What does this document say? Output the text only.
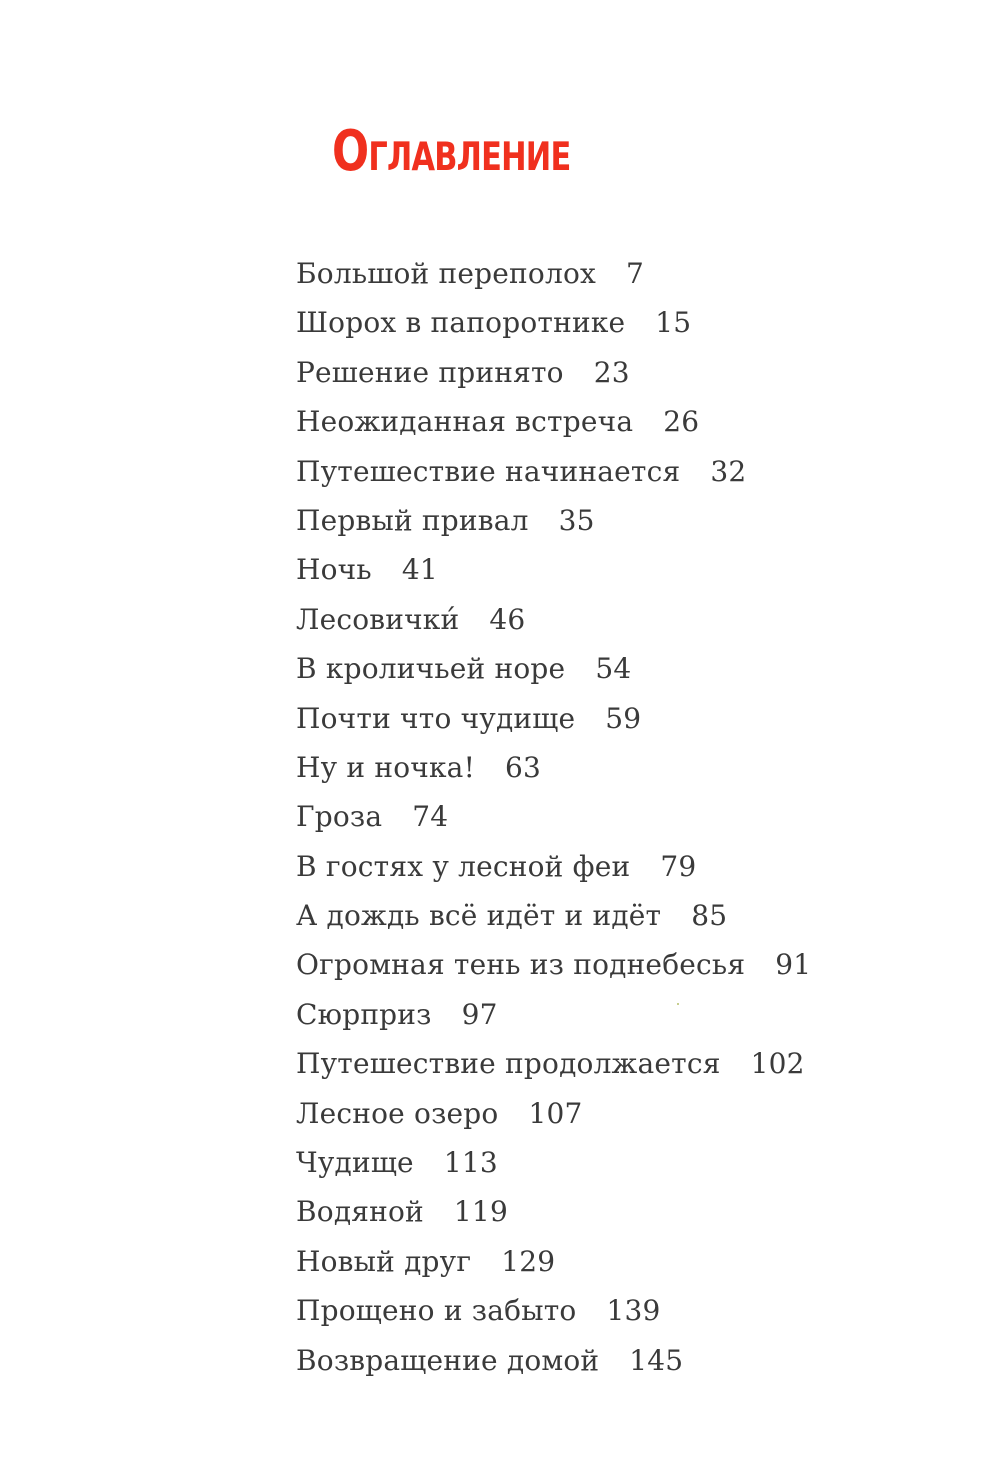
Оглавление
Большой переполох 7
Шорох в папоротнике 15
Решение принято 23
Неожиданная встреча 26
Путешествие начинается 32
Первый привал 35
Ночь 41
Лесовички́ 46
В кроличьей норе 54
Почти что чудище 59
Ну и ночка! 63
Гроза 74
В гостях у лесной феи 79
А дождь всё идёт и идёт 85
Огромная тень из поднебесья 91
Сюрприз 97
Путешествие продолжается 102
Лесное озеро 107
Чудище 113
Водяной 119
Новый друг 129
Прощено и забыто 139
Возвращение домой 145
